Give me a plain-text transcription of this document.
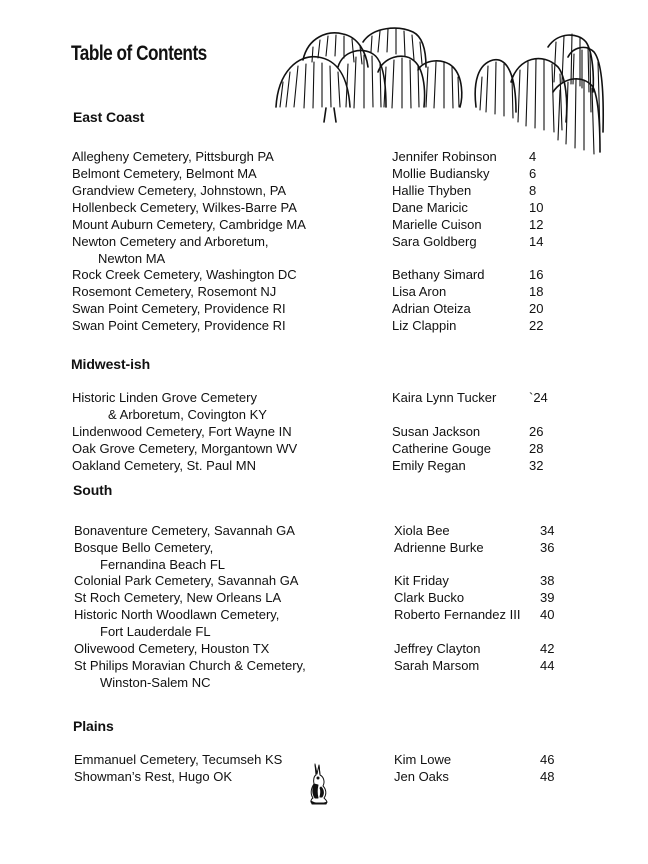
Table of Contents
East Coast
Allegheny Cemetery, Pittsburgh PA	Jennifer Robinson 4
Belmont Cemetery, Belmont MA	Mollie Budiansky	6
Grandview Cemetery, Johnstown, PA	Hallie Thyben	8
Hollenbeck Cemetery, Wilkes-Barre PA	Dane Maricic	10
Mount Auburn Cemetery, Cambridge MA	Marielle Cuison	12
Newton Cemetery and Arboretum,
Newton MA
Sara Goldberg	14
Rock Creek Cemetery, Washington DC	Bethany Simard	16
Rosemont Cemetery, Rosemont NJ	Lisa Aron	18
Swan Point Cemetery, Providence RI	Adrian Oteiza	20
Swan Point Cemetery, Providence RI	Liz Clappin	22
Midwest-ish
Historic Linden Grove Cemetery
& Arboretum, Covington KY
Kaira Lynn Tucker	`24
Lindenwood Cemetery, Fort Wayne IN	Susan Jackson	26
Oak Grove Cemetery, Morgantown WV	Catherine Gouge	28
Oakland Cemetery, St. Paul MN	Emily Regan	32
South
Bonaventure Cemetery, Savannah GA	Xiola Bee	34
Bosque Bello Cemetery,
Fernandina Beach FL
Adrienne Burke	36
Colonial Park Cemetery, Savannah GA	Kit Friday	38
St Roch Cemetery, New Orleans LA	Clark Bucko	39
Historic North Woodlawn Cemetery,
Fort Lauderdale FL
Roberto Fernandez III 40
Olivewood Cemetery, Houston TX	Jeffrey Clayton	42
St Philips Moravian Church & Cemetery,
Winston-Salem NC
Sarah Marsom	44
Plains
Emmanuel Cemetery, Tecumseh KS	Kim Lowe	46
Showman’s Rest, Hugo OK	Jen Oaks	48
